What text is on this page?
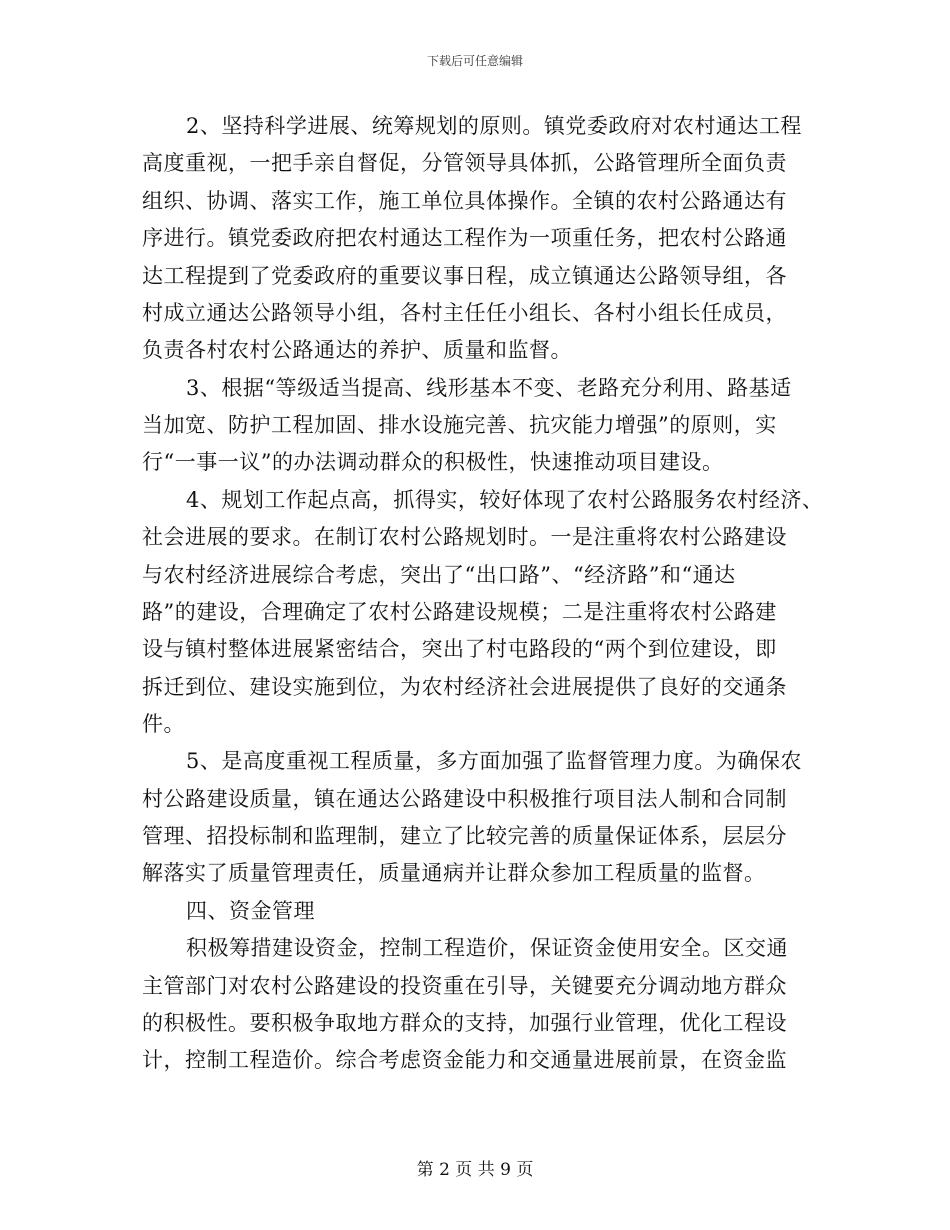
下载后可任意编辑
2、坚持科学进展、统筹规划的原则。镇党委政府对农村通达工程
高度重视，一把手亲自督促，分管领导具体抓，公路管理所全面负责
组织、协调、落实工作，施工单位具体操作。全镇的农村公路通达有
序进行。镇党委政府把农村通达工程作为一项重任务，把农村公路通
达工程提到了党委政府的重要议事日程，成立镇通达公路领导组，各
村成立通达公路领导小组，各村主任任小组长、各村小组长任成员，
负责各村农村公路通达的养护、质量和监督。
3、根据“等级适当提高、线形基本不变、老路充分利用、路基适
当加宽、防护工程加固、排水设施完善、抗灾能力增强”的原则，实
行“一事一议”的办法调动群众的积极性，快速推动项目建设。
4、规划工作起点高，抓得实，较好体现了农村公路服务农村经济、
社会进展的要求。在制订农村公路规划时。一是注重将农村公路建设
与农村经济进展综合考虑，突出了“出口路”、“经济路”和“通达
路”的建设，合理确定了农村公路建设规模；二是注重将农村公路建
设与镇村整体进展紧密结合，突出了村屯路段的“两个到位建设，即
拆迁到位、建设实施到位，为农村经济社会进展提供了良好的交通条
件。
5、是高度重视工程质量，多方面加强了监督管理力度。为确保农
村公路建设质量，镇在通达公路建设中积极推行项目法人制和合同制
管理、招投标制和监理制，建立了比较完善的质量保证体系，层层分
解落实了质量管理责任，质量通病并让群众参加工程质量的监督。
四、资金管理
积极筹措建设资金，控制工程造价，保证资金使用安全。区交通
主管部门对农村公路建设的投资重在引导，关键要充分调动地方群众
的积极性。要积极争取地方群众的支持，加强行业管理，优化工程设
计，控制工程造价。综合考虑资金能力和交通量进展前景，在资金监
第 2 页 共 9 页
